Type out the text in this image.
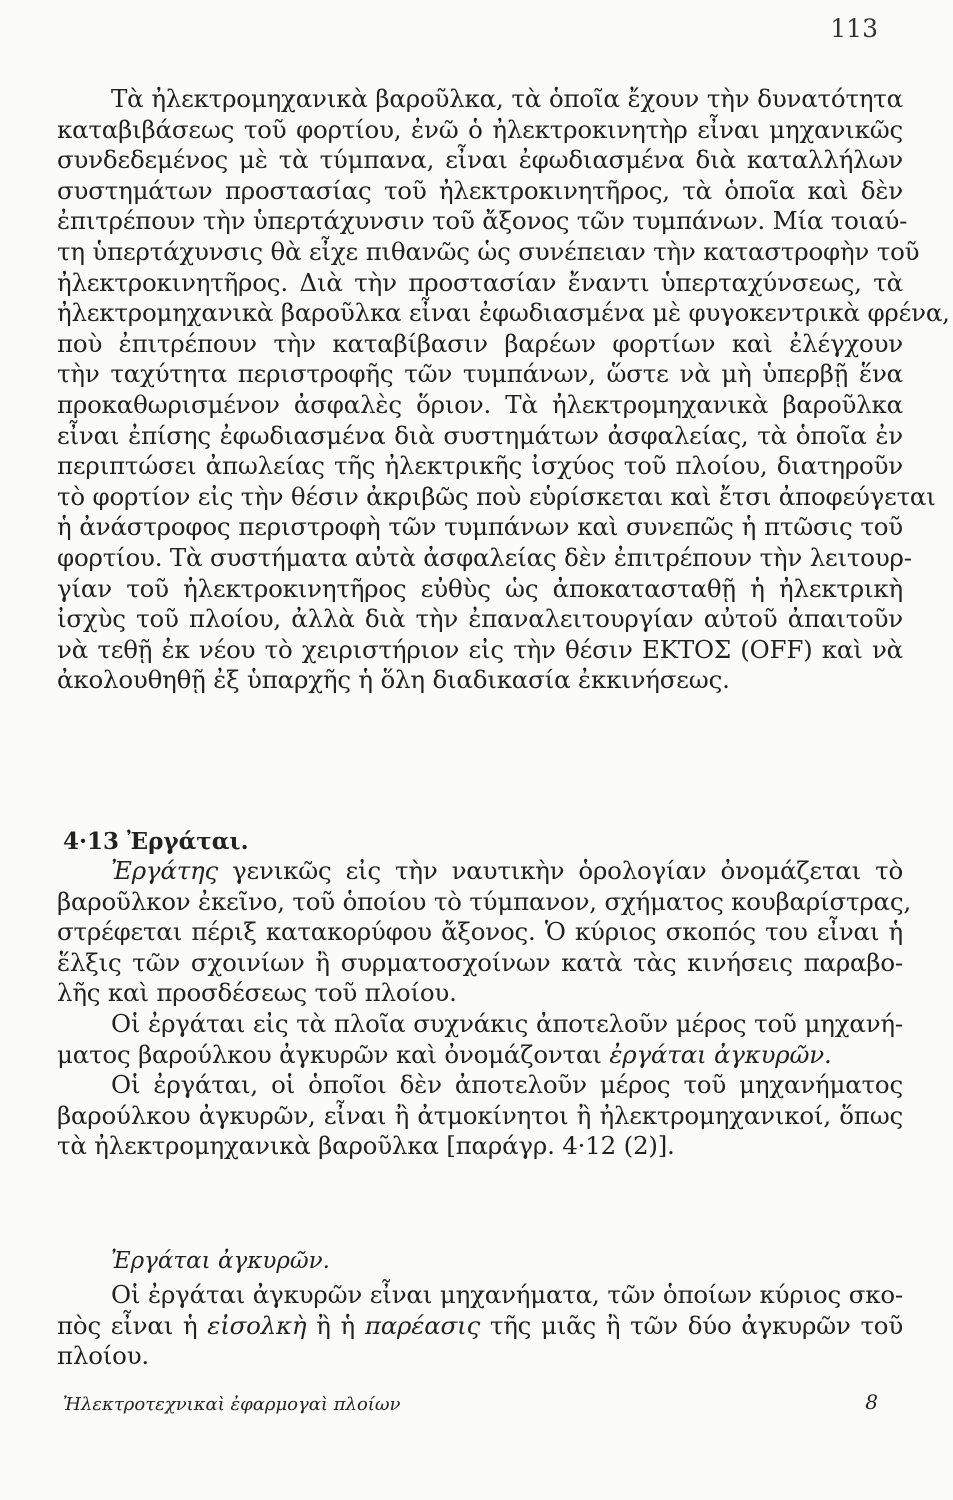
113
Τὰ ἠλεκτρομηχανικὰ βαροῦλκα, τὰ ὁποῖα ἔχουν τὴν δυνατότητα
καταβιβάσεως τοῦ φορτίου, ἐνῶ ὁ ἠλεκτροκινητὴρ εἶναι μηχανικῶς
συνδεδεμένος μὲ τὰ τύμπανα, εἶναι ἐφωδιασμένα διὰ καταλλήλων
συστημάτων προστασίας τοῦ ἠλεκτροκινητῆρος, τὰ ὁποῖα καὶ δὲν
ἐπιτρέπουν τὴν ὑπερτάχυνσιν τοῦ ἄξονος τῶν τυμπάνων. Μία τοιαύ-
τη ὑπερτάχυνσις θὰ εἶχε πιθανῶς ὡς συνέπειαν τὴν καταστροφὴν τοῦ
ἠλεκτροκινητῆρος. Διὰ τὴν προστασίαν ἔναντι ὑπερταχύνσεως, τὰ
ἠλεκτρομηχανικὰ βαροῦλκα εἶναι ἐφωδιασμένα μὲ φυγοκεντρικὰ φρένα,
ποὺ ἐπιτρέπουν τὴν καταβίβασιν βαρέων φορτίων καὶ ἐλέγχουν
τὴν ταχύτητα περιστροφῆς τῶν τυμπάνων, ὥστε νὰ μὴ ὑπερβῇ ἕνα
προκαθωρισμένον ἀσφαλὲς ὅριον. Τὰ ἠλεκτρομηχανικὰ βαροῦλκα
εἶναι ἐπίσης ἐφωδιασμένα διὰ συστημάτων ἀσφαλείας, τὰ ὁποῖα ἐν
περιπτώσει ἀπωλείας τῆς ἠλεκτρικῆς ἰσχύος τοῦ πλοίου, διατηροῦν
τὸ φορτίον εἰς τὴν θέσιν ἀκριβῶς ποὺ εὑρίσκεται καὶ ἔτσι ἀποφεύγεται
ἡ ἀνάστροφος περιστροφὴ τῶν τυμπάνων καὶ συνεπῶς ἡ πτῶσις τοῦ
φορτίου. Τὰ συστήματα αὐτὰ ἀσφαλείας δὲν ἐπιτρέπουν τὴν λειτουρ-
γίαν τοῦ ἠλεκτροκινητῆρος εὐθὺς ὡς ἀποκατασταθῇ ἡ ἠλεκτρικὴ
ἰσχὺς τοῦ πλοίου, ἀλλὰ διὰ τὴν ἐπαναλειτουργίαν αὐτοῦ ἀπαιτοῦν
νὰ τεθῇ ἐκ νέου τὸ χειριστήριον εἰς τὴν θέσιν ΕΚΤΟΣ (OFF) καὶ νὰ
ἀκολουθηθῇ ἐξ ὑπαρχῆς ἡ ὅλη διαδικασία ἐκκινήσεως.
4·13 Ἐργάται.
Ἐργάτης γενικῶς εἰς τὴν ναυτικὴν ὁρολογίαν ὀνομάζεται τὸ
βαροῦλκον ἐκεῖνο, τοῦ ὁποίου τὸ τύμπανον, σχήματος κουβαρίστρας,
στρέφεται πέριξ κατακορύφου ἄξονος. Ὁ κύριος σκοπός του εἶναι ἡ
ἕλξις τῶν σχοινίων ἢ συρματοσχοίνων κατὰ τὰς κινήσεις παραβο-
λῆς καὶ προσδέσεως τοῦ πλοίου.
Οἱ ἐργάται εἰς τὰ πλοῖα συχνάκις ἀποτελοῦν μέρος τοῦ μηχανή-
ματος βαρούλκου ἀγκυρῶν καὶ ὀνομάζονται ἐργάται ἀγκυρῶν.
Οἱ ἐργάται, οἱ ὁποῖοι δὲν ἀποτελοῦν μέρος τοῦ μηχανήματος
βαρούλκου ἀγκυρῶν, εἶναι ἢ ἀτμοκίνητοι ἢ ἠλεκτρομηχανικοί, ὅπως
τὰ ἠλεκτρομηχανικὰ βαροῦλκα [παράγρ. 4·12 (2)].
Ἐργάται ἀγκυρῶν.
Οἱ ἐργάται ἀγκυρῶν εἶναι μηχανήματα, τῶν ὁποίων κύριος σκο-
πὸς εἶναι ἡ εἰσολκὴ ἢ ἡ παρέασις τῆς μιᾶς ἢ τῶν δύο ἀγκυρῶν τοῦ
πλοίου.
Ἠλεκτροτεχνικαὶ ἐφαρμογαὶ πλοίων	8
